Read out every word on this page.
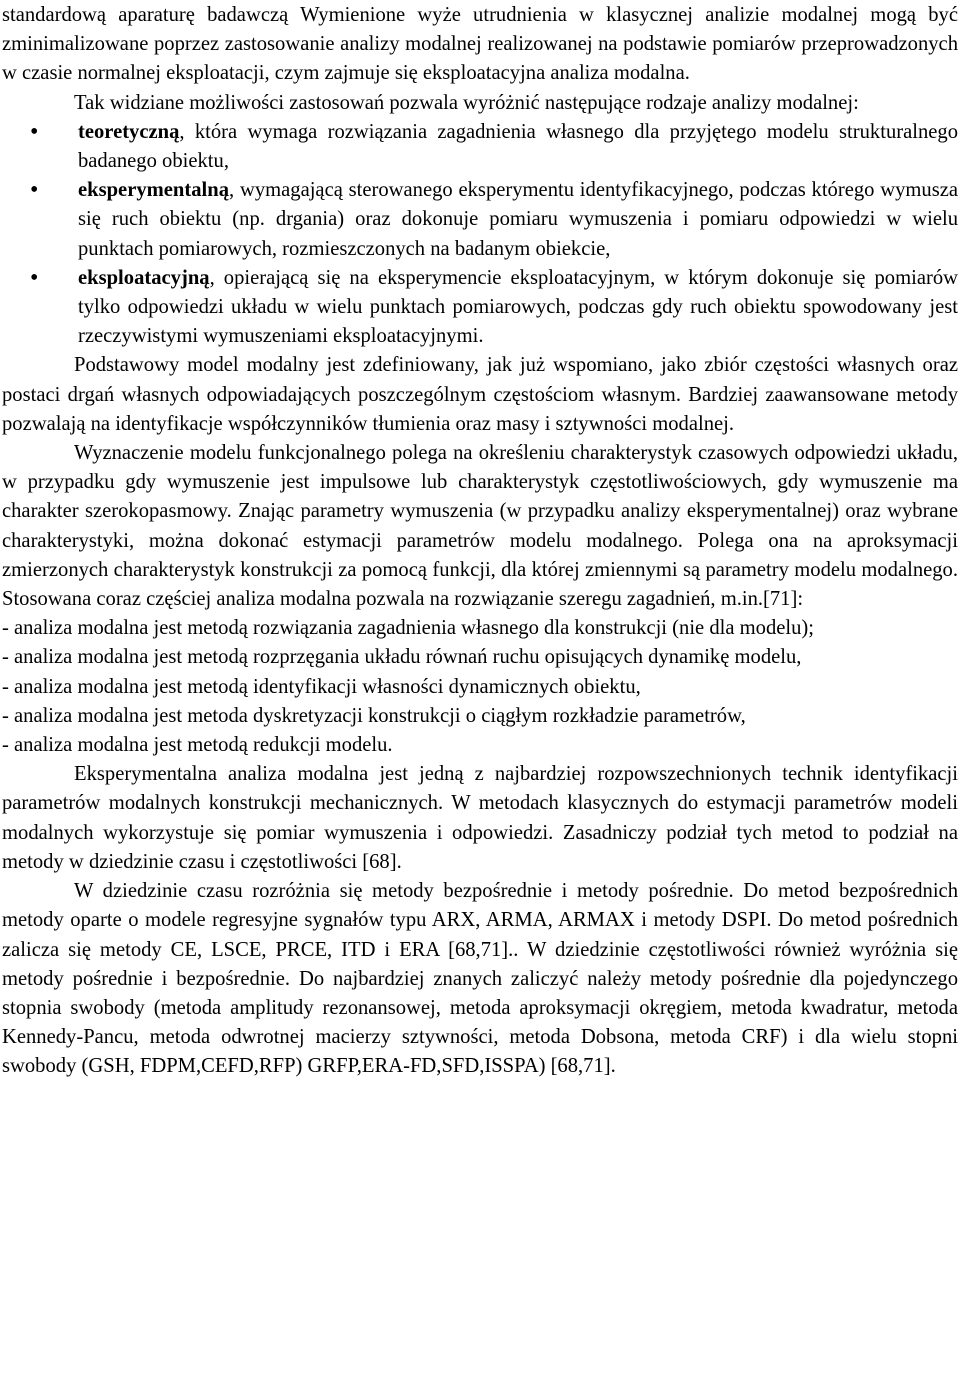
standardową aparaturę badawczą Wymienione wyże utrudnienia w klasycznej analizie modalnej mogą być zminimalizowane poprzez zastosowanie analizy modalnej realizowanej na podstawie pomiarów przeprowadzonych w czasie normalnej eksploatacji, czym zajmuje się eksploatacyjna analiza modalna.

Tak widziane możliwości zastosowań pozwala wyróżnić następujące rodzaje analizy modalnej:

• teoretyczną, która wymaga rozwiązania zagadnienia własnego dla przyjętego modelu strukturalnego badanego obiektu,
• eksperymentalną, wymagającą sterowanego eksperymentu identyfikacyjnego, podczas którego wymusza się ruch obiektu (np. drgania) oraz dokonuje pomiaru wymuszenia i pomiaru odpowiedzi w wielu punktach pomiarowych, rozmieszczonych na badanym obiekcie,
• eksploatacyjną, opierającą się na eksperymencie eksploatacyjnym, w którym dokonuje się pomiarów tylko odpowiedzi układu w wielu punktach pomiarowych, podczas gdy ruch obiektu spowodowany jest rzeczywistymi wymuszeniami eksploatacyjnymi.

Podstawowy model modalny jest zdefiniowany, jak już wspomiano, jako zbiór częstości własnych oraz postaci drgań własnych odpowiadających poszczególnym częstościom własnym. Bardziej zaawansowane metody pozwalają na identyfikacje współczynników tłumienia oraz masy i sztywności modalnej.

Wyznaczenie modelu funkcjonalnego polega na określeniu charakterystyk czasowych odpowiedzi układu, w przypadku gdy wymuszenie jest impulsowe lub charakterystyk częstotliwościowych, gdy wymuszenie ma charakter szerokopasmowy. Znając parametry wymuszenia (w przypadku analizy eksperymentalnej) oraz wybrane charakterystyki, można dokonać estymacji parametrów modelu modalnego. Polega ona na aproksymacji zmierzonych charakterystyk konstrukcji za pomocą funkcji, dla której zmiennymi są parametry modelu modalnego. Stosowana coraz częściej analiza modalna pozwala na rozwiązanie szeregu zagadnień, m.in.[71]:

- analiza modalna jest metodą rozwiązania zagadnienia własnego dla konstrukcji (nie dla modelu);

- analiza modalna jest metodą rozprzęgania układu równań ruchu opisujących dynamikę modelu,

- analiza modalna jest metodą identyfikacji własności dynamicznych obiektu,

- analiza modalna jest metoda dyskretyzacji konstrukcji o ciągłym rozkładzie parametrów,

- analiza modalna jest metodą redukcji modelu.

Eksperymentalna analiza modalna jest jedną z najbardziej rozpowszechnionych technik identyfikacji parametrów modalnych konstrukcji mechanicznych. W metodach klasycznych do estymacji parametrów modeli modalnych wykorzystuje się pomiar wymuszenia i odpowiedzi. Zasadniczy podział tych metod to podział na metody w dziedzinie czasu i częstotliwości [68].

W dziedzinie czasu rozróżnia się metody bezpośrednie i metody pośrednie. Do metod bezpośrednich metody oparte o modele regresyjne sygnałów typu ARX, ARMA, ARMAX i metody DSPI. Do metod pośrednich zalicza się metody CE, LSCE, PRCE, ITD i ERA [68,71].. W dziedzinie częstotliwości również wyróżnia się metody pośrednie i bezpośrednie. Do najbardziej znanych zaliczyć należy metody pośrednie dla pojedynczego stopnia swobody (metoda amplitudy rezonansowej, metoda aproksymacji okręgiem, metoda kwadratur, metoda Kennedy-Pancu, metoda odwrotnej macierzy sztywności, metoda Dobsona, metoda CRF) i dla wielu stopni swobody (GSH, FDPM,CEFD,RFP) GRFP,ERA-FD,SFD,ISSPA) [68,71].
